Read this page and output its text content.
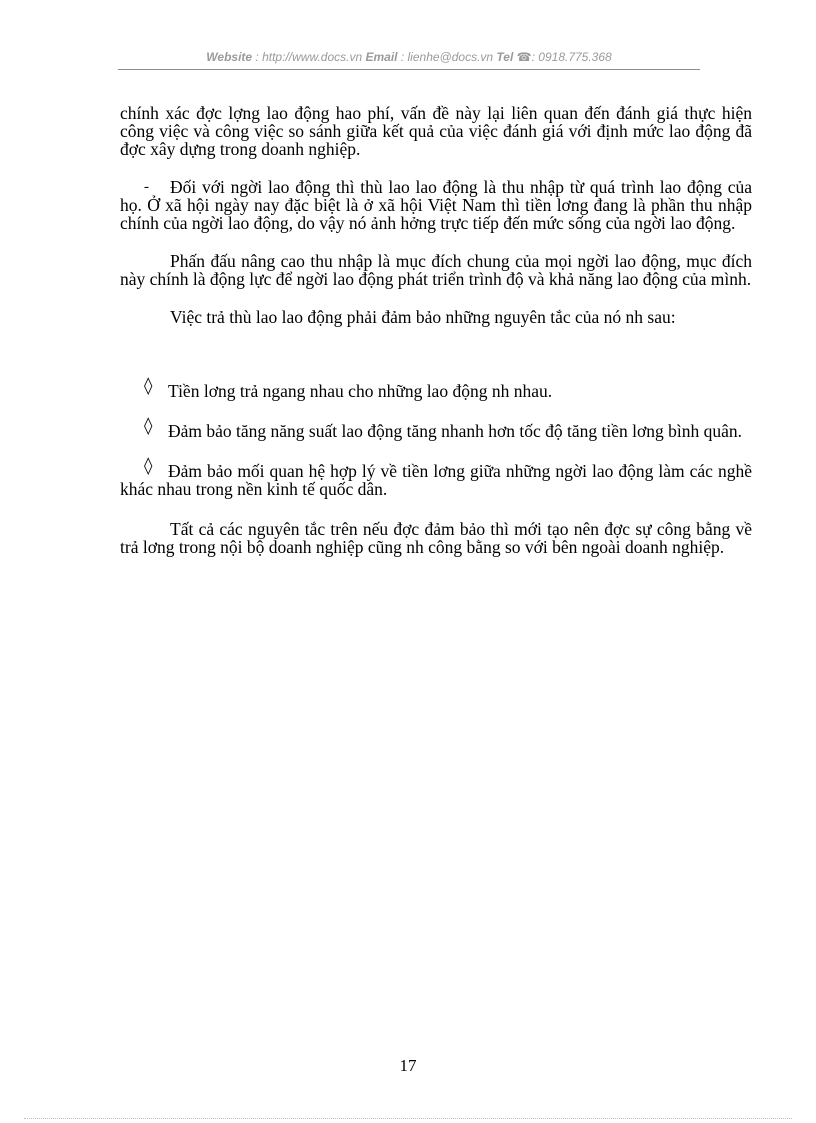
Website : http://www.docs.vn Email : lienhe@docs.vn Tel ☎: 0918.775.368

chính xác đợc lợng lao động hao phí, vấn đề này lại liên quan đến đánh giá thực hiện công việc và công việc so sánh giữa kết quả của việc đánh giá với định mức lao động đã đợc xây dựng trong doanh nghiệp.

- Đối với ngời lao động thì thù lao lao động là thu nhập từ quá trình lao động của họ. Ở xã hội ngày nay đặc biệt là ở xã hội Việt Nam thì tiền lơng đang là phần thu nhập chính của ngời lao động, do vậy nó ảnh hởng trực tiếp đến mức sống của ngời lao động.

Phấn đấu nâng cao thu nhập là mục đích chung của mọi ngời lao động, mục đích này chính là động lực để ngời lao động phát triển trình độ và khả năng lao động của mình.

Việc trả thù lao lao động phải đảm bảo những nguyên tắc của nó nh sau:

◊ Tiền lơng trả ngang nhau cho những lao động nh nhau.

◊ Đảm bảo tăng năng suất lao động tăng nhanh hơn tốc độ tăng tiền lơng bình quân.

◊ Đảm bảo mối quan hệ hợp lý về tiền lơng giữa những ngời lao động làm các nghề khác nhau trong nền kinh tế quốc dân.

Tất cả các nguyên tắc trên nếu đợc đảm bảo thì mới tạo nên đợc sự công bằng về trả lơng trong nội bộ doanh nghiệp cũng nh công bằng so với bên ngoài doanh nghiệp.

17
